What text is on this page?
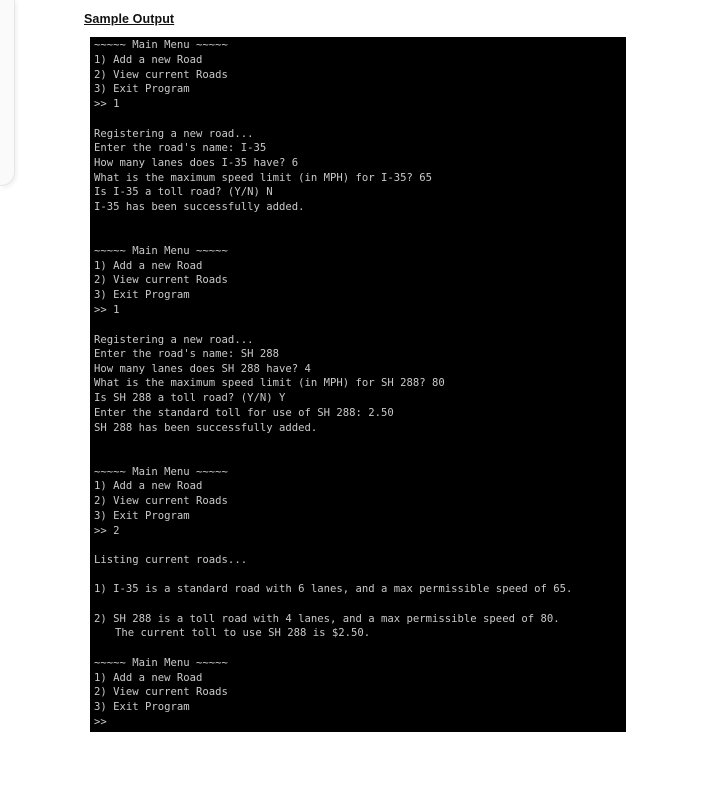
Sample Output
~~~~~ Main Menu ~~~~~
1) Add a new Road
2) View current Roads
3) Exit Program
>> 1
Registering a new road...
Enter the road's name: I-35
How many lanes does I-35 have? 6
What is the maximum speed limit (in MPH) for I-35? 65
Is I-35 a toll road? (Y/N) N
I-35 has been successfully added.
~~~~~ Main Menu ~~~~~
1) Add a new Road
2) View current Roads
3) Exit Program
>> 1
Registering a new road...
Enter the road's name: SH 288
How many lanes does SH 288 have? 4
What is the maximum speed limit (in MPH) for SH 288? 80
Is SH 288 a toll road? (Y/N) Y
Enter the standard toll for use of SH 288: 2.50
SH 288 has been successfully added.
~~~~~ Main Menu ~~~~~
1) Add a new Road
2) View current Roads
3) Exit Program
>> 2
Listing current roads...
1) I-35 is a standard road with 6 lanes, and a max permissible speed of 65.
2) SH 288 is a toll road with 4 lanes, and a max permissible speed of 80.
The current toll to use SH 288 is $2.50.
~~~~~ Main Menu ~~~~~
1) Add a new Road
2) View current Roads
3) Exit Program
>>
